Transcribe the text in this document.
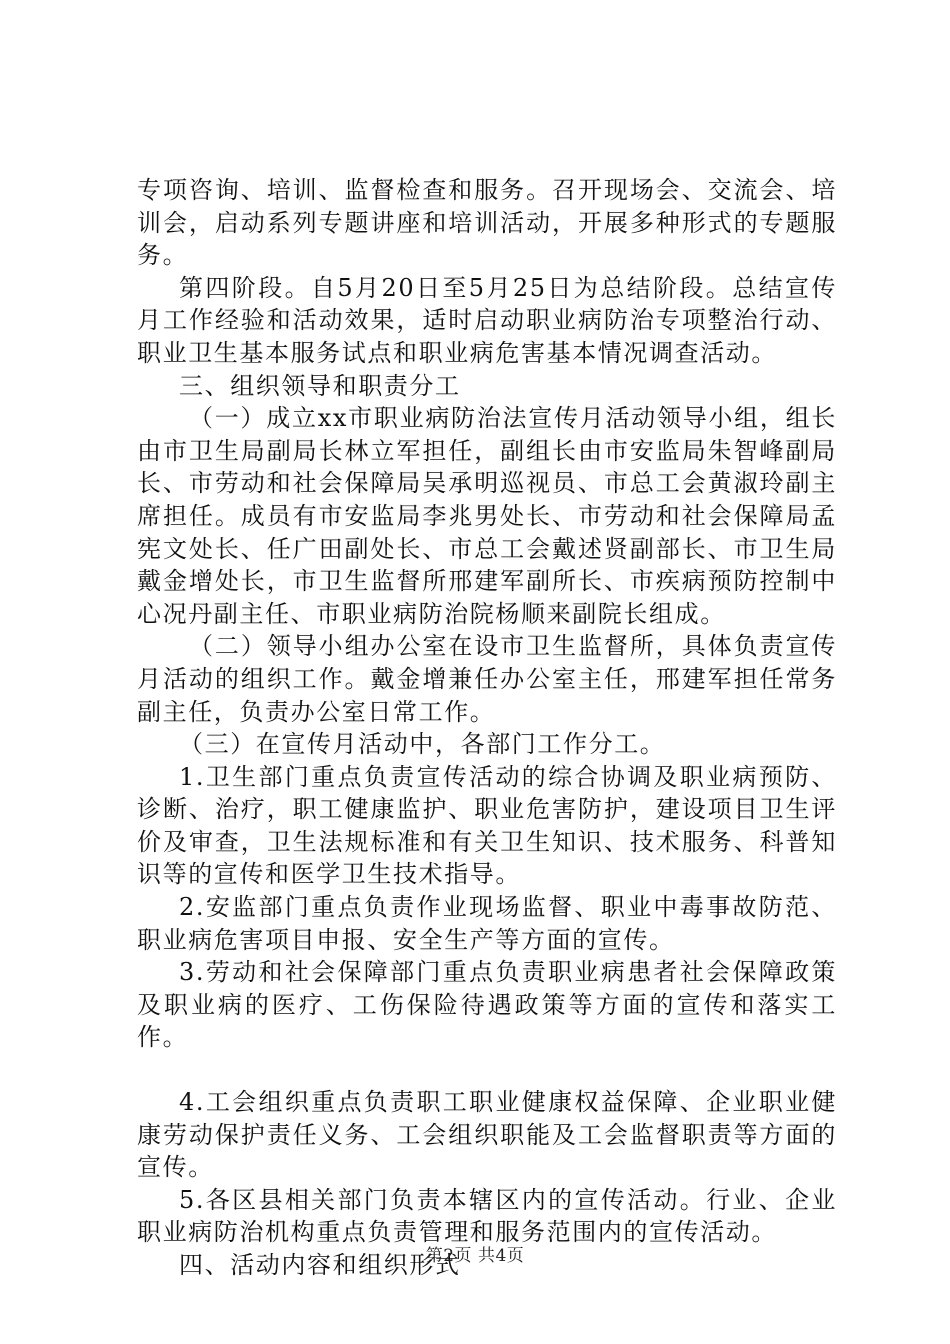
专项咨询、培训、监督检查和服务。召开现场会、交流会、培训会，启动系列专题讲座和培训活动，开展多种形式的专题服务。

第四阶段。自5月20日至5月25日为总结阶段。总结宣传月工作经验和活动效果，适时启动职业病防治专项整治行动、职业卫生基本服务试点和职业病危害基本情况调查活动。

三、组织领导和职责分工

（一）成立xx市职业病防治法宣传月活动领导小组，组长由市卫生局副局长林立军担任，副组长由市安监局朱智峰副局长、市劳动和社会保障局吴承明巡视员、市总工会黄淑玲副主席担任。成员有市安监局李兆男处长、市劳动和社会保障局孟宪文处长、任广田副处长、市总工会戴述贤副部长、市卫生局戴金增处长，市卫生监督所邢建军副所长、市疾病预防控制中心况丹副主任、市职业病防治院杨顺来副院长组成。

（二）领导小组办公室在设市卫生监督所，具体负责宣传月活动的组织工作。戴金增兼任办公室主任，邢建军担任常务副主任，负责办公室日常工作。

（三）在宣传月活动中，各部门工作分工。

1.卫生部门重点负责宣传活动的综合协调及职业病预防、诊断、治疗，职工健康监护、职业危害防护，建设项目卫生评价及审查，卫生法规标准和有关卫生知识、技术服务、科普知识等的宣传和医学卫生技术指导。

2.安监部门重点负责作业现场监督、职业中毒事故防范、职业病危害项目申报、安全生产等方面的宣传。

3.劳动和社会保障部门重点负责职业病患者社会保障政策及职业病的医疗、工伤保险待遇政策等方面的宣传和落实工作。

4.工会组织重点负责职工职业健康权益保障、企业职业健康劳动保护责任义务、工会组织职能及工会监督职责等方面的宣传。

5.各区县相关部门负责本辖区内的宣传活动。行业、企业职业病防治机构重点负责管理和服务范围内的宣传活动。

四、活动内容和组织形式

第2页 共4页
